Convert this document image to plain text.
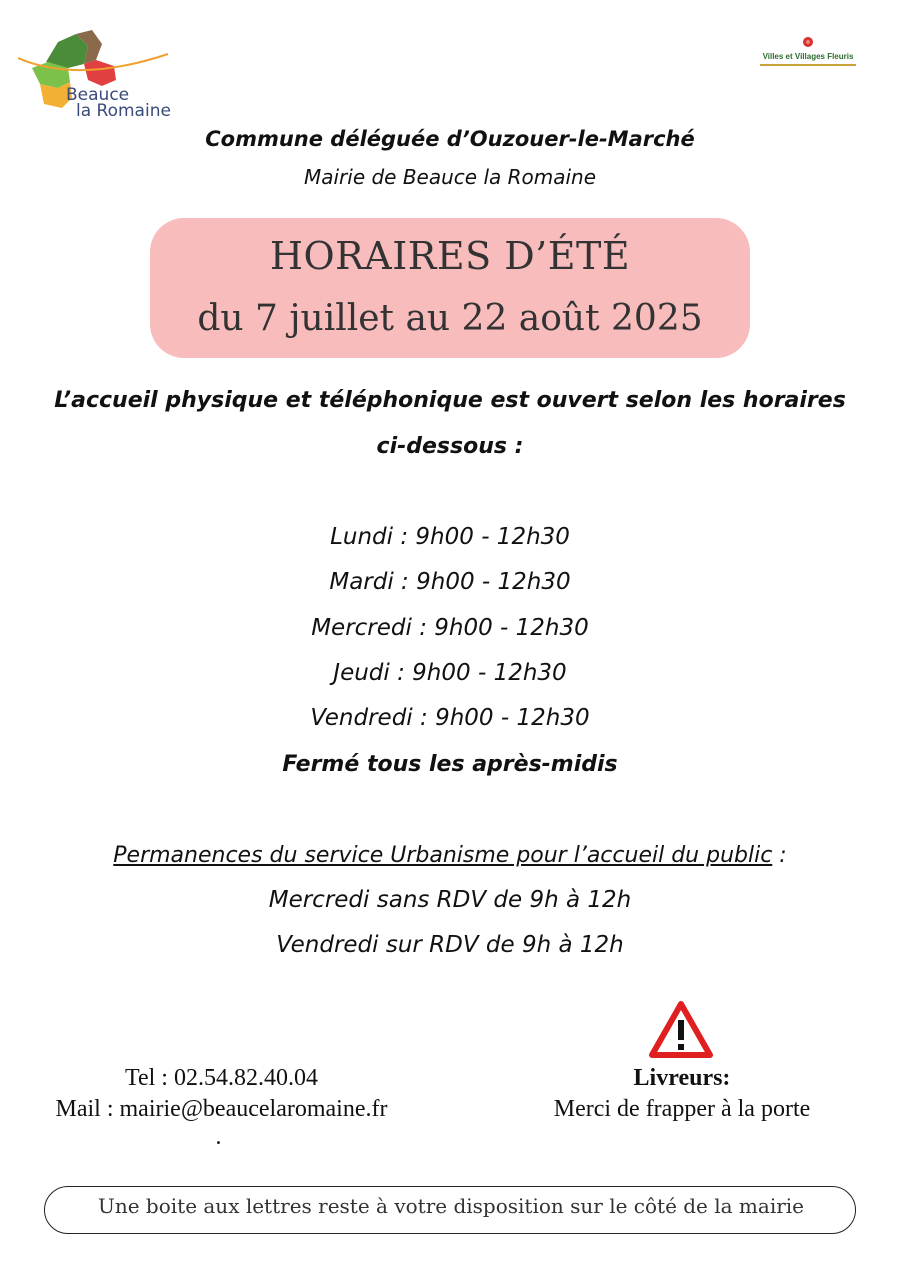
Beauce
la Romaine
Villes et Villages Fleuris
Commune déléguée d’Ouzouer-le-Marché
Mairie de Beauce la Romaine
HORAIRES D’ÉTÉ
du 7 juillet au 22 août 2025
L’accueil physique et téléphonique est ouvert selon les horaires
ci-dessous :
Lundi : 9h00 - 12h30
Mardi : 9h00 - 12h30
Mercredi : 9h00 - 12h30
Jeudi : 9h00 - 12h30
Vendredi : 9h00 - 12h30
Fermé tous les après-midis
Permanences du service Urbanisme pour l’accueil du public :
Mercredi sans RDV de 9h à 12h
Vendredi sur RDV de 9h à 12h
Tel : 02.54.82.40.04
Mail : mairie@beaucelaromaine.fr
.
Livreurs:
Merci de frapper à la porte
Une boite aux lettres reste à votre disposition sur le côté de la mairie
